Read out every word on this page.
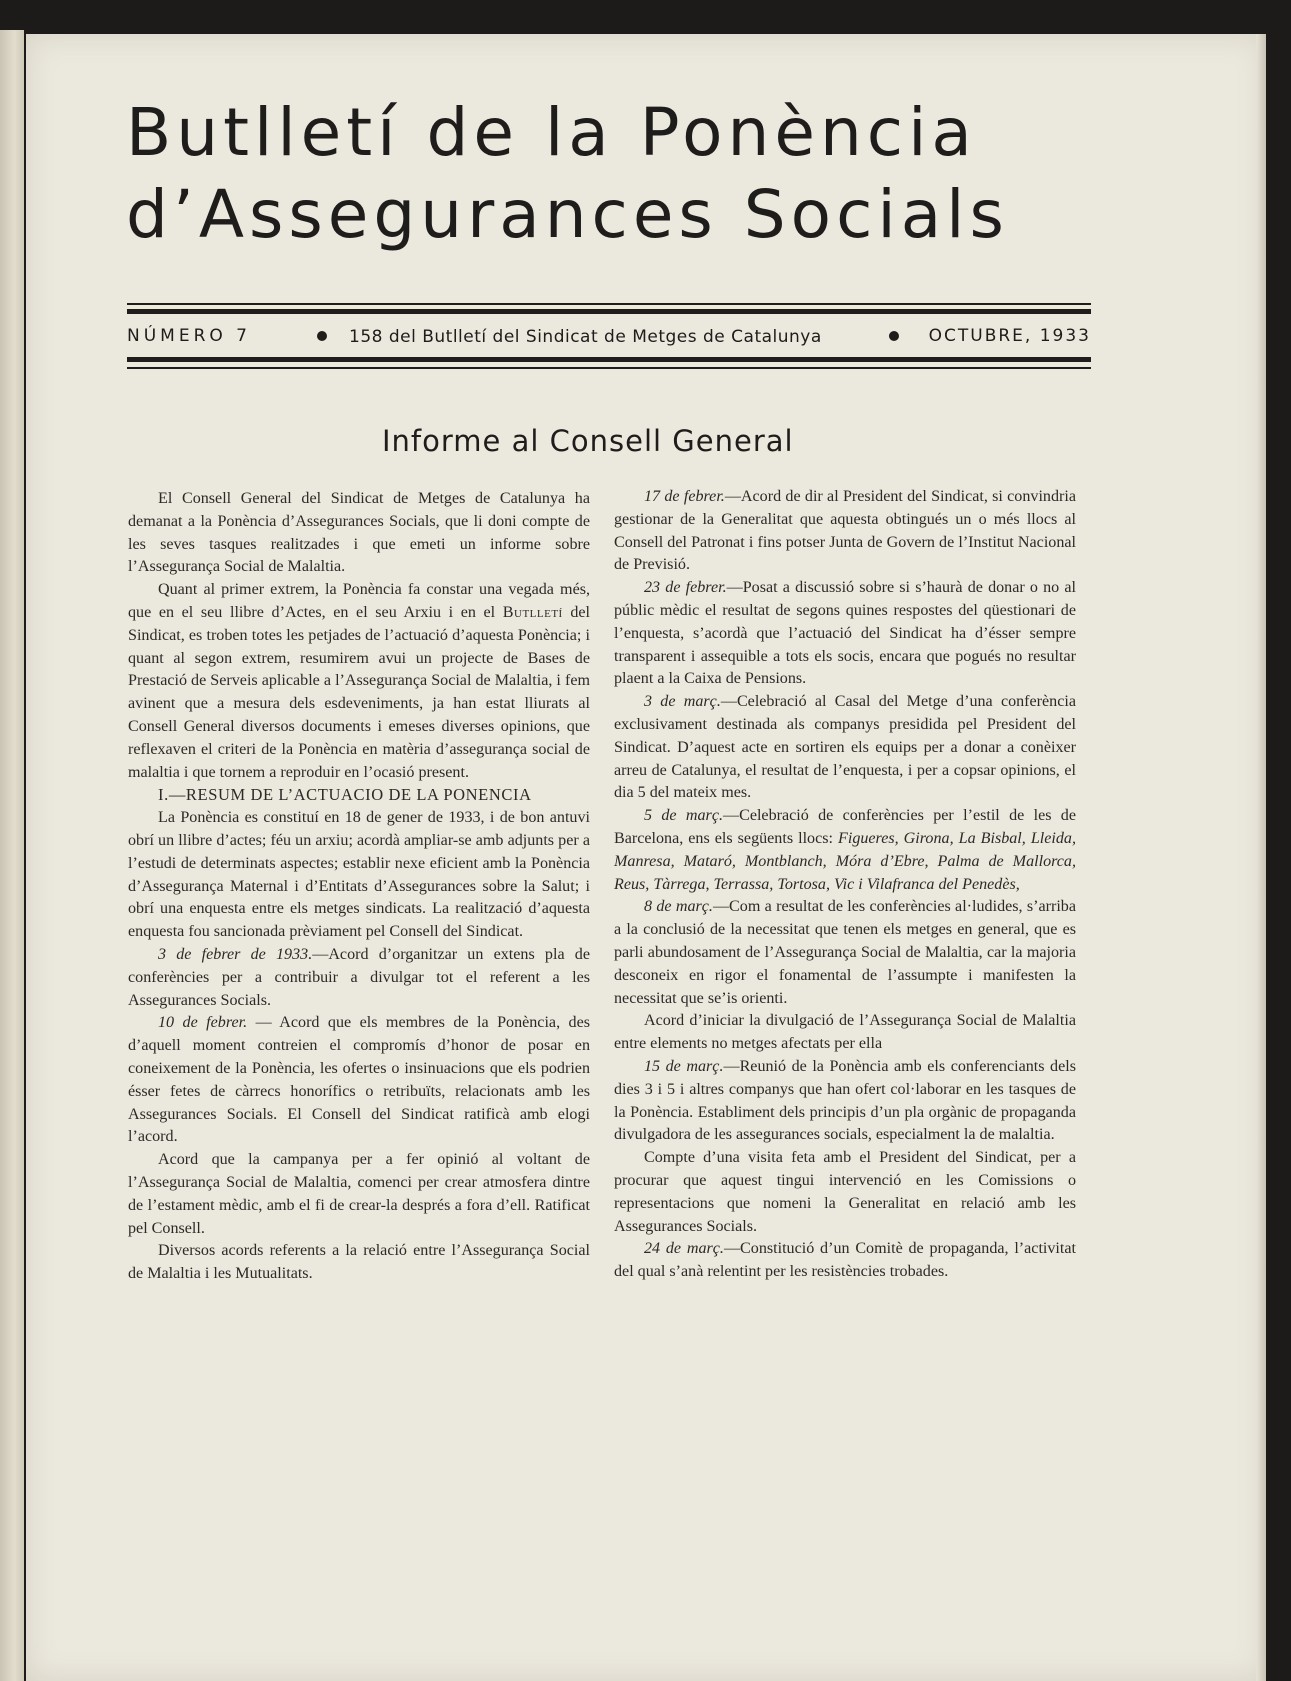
Butlletí de la Ponència
d’Assegurances Socials
NÚMERO 7	158 del Butlletí del Sindicat de Metges de Catalunya	OCTUBRE, 1933
Informe al Consell General

El Consell General del Sindicat de Metges de Catalunya ha demanat a la Ponència d’Assegurances Socials, que li doni compte de les seves tasques realitzades i que emeti un informe sobre l’Assegurança Social de Malaltia.

Quant al primer extrem, la Ponència fa constar una vegada més, que en el seu llibre d’Actes, en el seu Arxiu i en el Butlletí del Sindicat, es troben totes les petjades de l’actuació d’aquesta Ponència; i quant al segon extrem, resumirem avui un projecte de Bases de Prestació de Serveis aplicable a l’Assegurança Social de Malaltia, i fem avinent que a mesura dels esdeveniments, ja han estat lliurats al Consell General diversos documents i emeses diverses opinions, que reflexaven el criteri de la Ponència en matèria d’assegurança social de malaltia i que tornem a reproduir en l’ocasió present.

I.—RESUM DE L’ACTUACIO DE LA PONENCIA

La Ponència es constituí en 18 de gener de 1933, i de bon antuvi obrí un llibre d’actes; féu un arxiu; acordà ampliar-se amb adjunts per a l’estudi de determinats aspectes; establir nexe eficient amb la Ponència d’Assegurança Maternal i d’Entitats d’Assegurances sobre la Salut; i obrí una enquesta entre els metges sindicats. La realització d’aquesta enquesta fou sancionada prèviament pel Consell del Sindicat.

3 de febrer de 1933.—Acord d’organitzar un extens pla de conferències per a contribuir a divulgar tot el referent a les Assegurances Socials.

10 de febrer. — Acord que els membres de la Ponència, des d’aquell moment contreien el compromís d’honor de posar en coneixement de la Ponència, les ofertes o insinuacions que els podrien ésser fetes de càrrecs honorífics o retribuïts, relacionats amb les Assegurances Socials. El Consell del Sindicat ratificà amb elogi l’acord.

Acord que la campanya per a fer opinió al voltant de l’Assegurança Social de Malaltia, comenci per crear atmosfera dintre de l’estament mèdic, amb el fi de crear-la després a fora d’ell. Ratificat pel Consell.

Diversos acords referents a la relació entre l’Assegurança Social de Malaltia i les Mutualitats.

17 de febrer.—Acord de dir al President del Sindicat, si convindria gestionar de la Generalitat que aquesta obtingués un o més llocs al Consell del Patronat i fins potser Junta de Govern de l’Institut Nacional de Previsió.

23 de febrer.—Posat a discussió sobre si s’haurà de donar o no al públic mèdic el resultat de segons quines respostes del qüestionari de l’enquesta, s’acordà que l’actuació del Sindicat ha d’ésser sempre transparent i assequible a tots els socis, encara que pogués no resultar plaent a la Caixa de Pensions.

3 de març.—Celebració al Casal del Metge d’una conferència exclusivament destinada als companys presidida pel President del Sindicat. D’aquest acte en sortiren els equips per a donar a conèixer arreu de Catalunya, el resultat de l’enquesta, i per a copsar opinions, el dia 5 del mateix mes.

5 de març.—Celebració de conferències per l’estil de les de Barcelona, ens els següents llocs: Figueres, Girona, La Bisbal, Lleida, Manresa, Mataró, Montblanch, Móra d’Ebre, Palma de Mallorca, Reus, Tàrrega, Terrassa, Tortosa, Vic i Vilafranca del Penedès,

8 de març.—Com a resultat de les conferències al·ludides, s’arriba a la conclusió de la necessitat que tenen els metges en general, que es parli abundosament de l’Assegurança Social de Malaltia, car la majoria desconeix en rigor el fonamental de l’assumpte i manifesten la necessitat que se’is orienti.

Acord d’iniciar la divulgació de l’Assegurança Social de Malaltia entre elements no metges afectats per ella

15 de març.—Reunió de la Ponència amb els conferenciants dels dies 3 i 5 i altres companys que han ofert col·laborar en les tasques de la Ponència. Establiment dels principis d’un pla orgànic de propaganda divulgadora de les assegurances socials, especialment la de malaltia.

Compte d’una visita feta amb el President del Sindicat, per a procurar que aquest tingui intervenció en les Comissions o representacions que nomeni la Generalitat en relació amb les Assegurances Socials.

24 de març.—Constitució d’un Comitè de propaganda, l’activitat del qual s’anà relentint per les resistències trobades.
